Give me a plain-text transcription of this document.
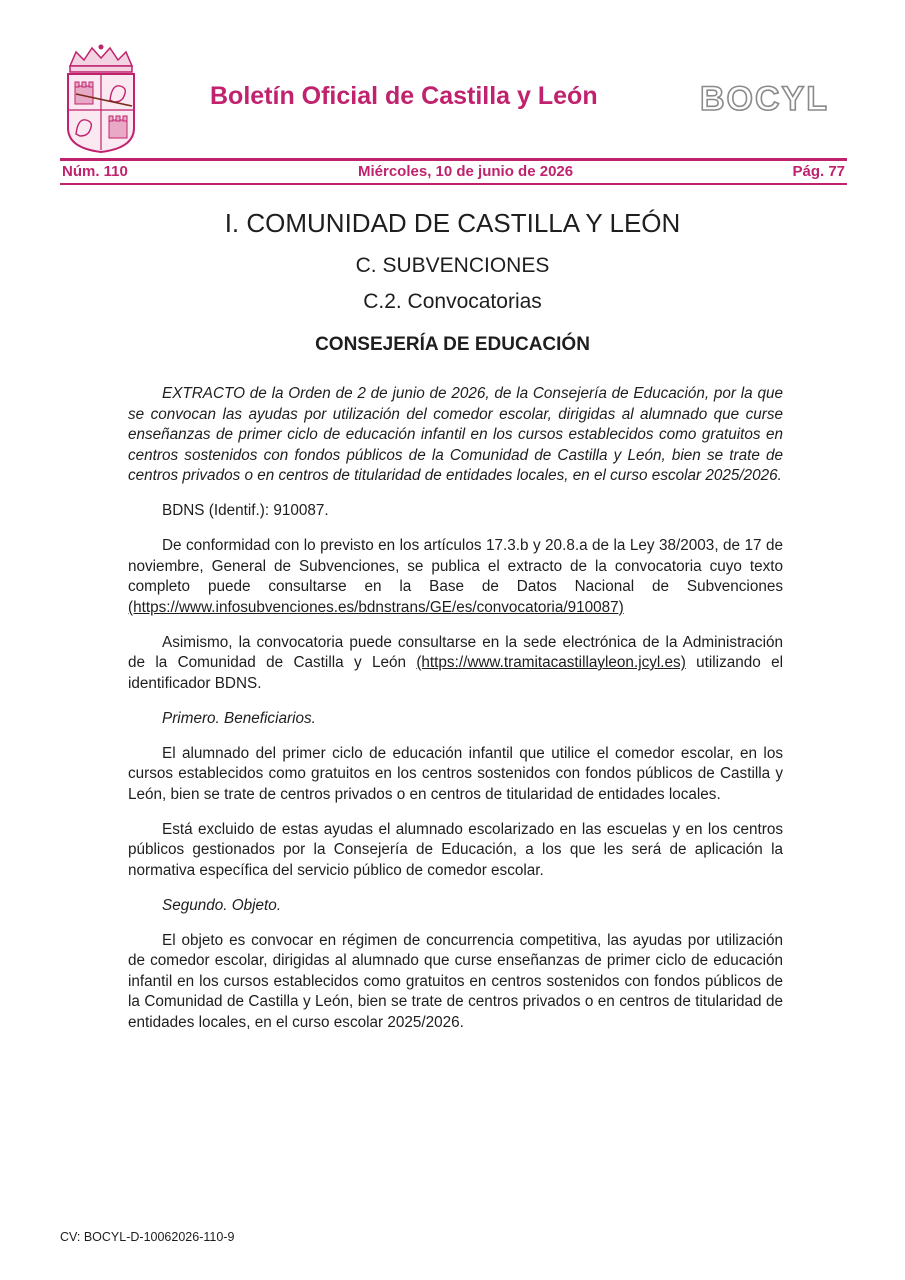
Boletín Oficial de Castilla y León	BOCYL
Núm. 110	Miércoles, 10 de junio de 2026	Pág. 77
I. COMUNIDAD DE CASTILLA Y LEÓN
C. SUBVENCIONES
C.2. Convocatorias
CONSEJERÍA DE EDUCACIÓN

EXTRACTO de la Orden de 2 de junio de 2026, de la Consejería de Educación, por la que se convocan las ayudas por utilización del comedor escolar, dirigidas al alumnado que curse enseñanzas de primer ciclo de educación infantil en los cursos establecidos como gratuitos en centros sostenidos con fondos públicos de la Comunidad de Castilla y León, bien se trate de centros privados o en centros de titularidad de entidades locales, en el curso escolar 2025/2026.

BDNS (Identif.): 910087.

De conformidad con lo previsto en los artículos 17.3.b y 20.8.a de la Ley 38/2003, de 17 de noviembre, General de Subvenciones, se publica el extracto de la convocatoria cuyo texto completo puede consultarse en la Base de Datos Nacional de Subvenciones (https://www.infosubvenciones.es/bdnstrans/GE/es/convocatoria/910087)

Asimismo, la convocatoria puede consultarse en la sede electrónica de la Administración de la Comunidad de Castilla y León (https://www.tramitacastillayleon.jcyl.es) utilizando el identificador BDNS.

Primero. Beneficiarios.

El alumnado del primer ciclo de educación infantil que utilice el comedor escolar, en los cursos establecidos como gratuitos en los centros sostenidos con fondos públicos de Castilla y León, bien se trate de centros privados o en centros de titularidad de entidades locales.

Está excluido de estas ayudas el alumnado escolarizado en las escuelas y en los centros públicos gestionados por la Consejería de Educación, a los que les será de aplicación la normativa específica del servicio público de comedor escolar.

Segundo. Objeto.

El objeto es convocar en régimen de concurrencia competitiva, las ayudas por utilización de comedor escolar, dirigidas al alumnado que curse enseñanzas de primer ciclo de educación infantil en los cursos establecidos como gratuitos en centros sostenidos con fondos públicos de la Comunidad de Castilla y León, bien se trate de centros privados o en centros de titularidad de entidades locales, en el curso escolar 2025/2026.

CV: BOCYL-D-10062026-110-9
